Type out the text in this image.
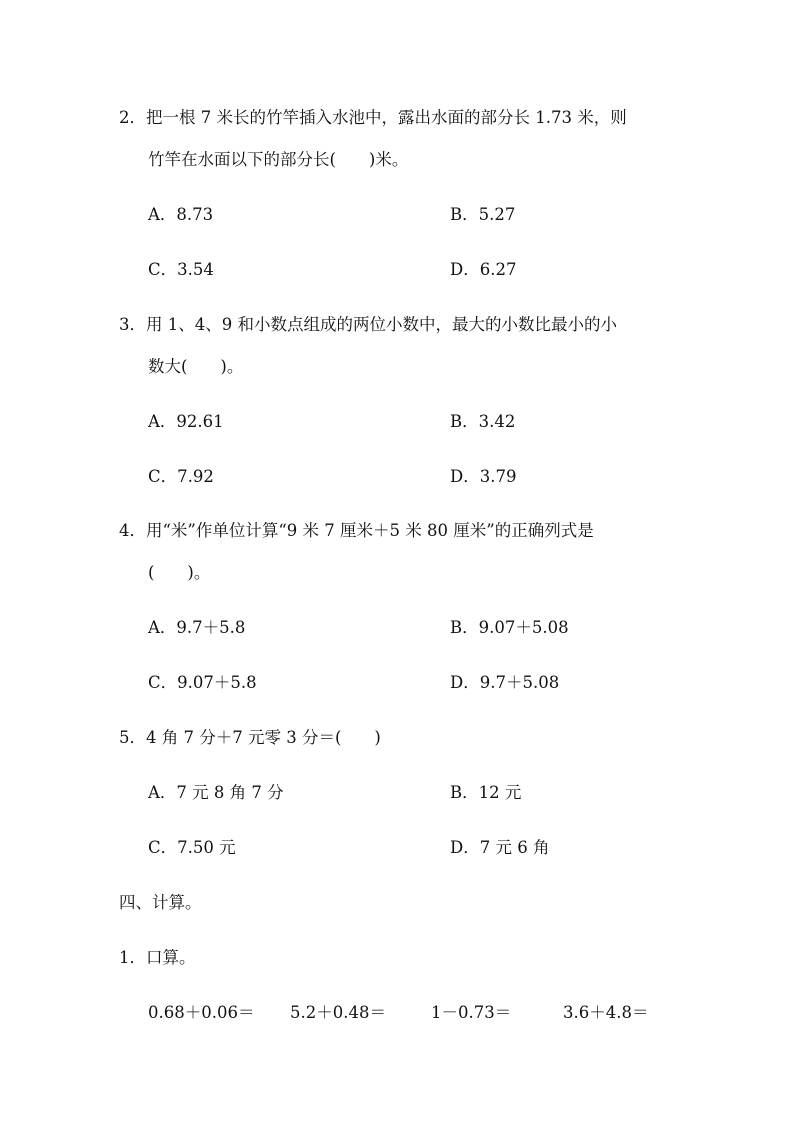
2．把一根 7 米长的竹竿插入水池中，露出水面的部分长 1.73 米，则
竹竿在水面以下的部分长(　　)米。
A．8.73	B．5.27
C．3.54	D．6.27
3．用 1、4、9 和小数点组成的两位小数中，最大的小数比最小的小
数大(　　)。
A．92.61	B．3.42
C．7.92	D．3.79
4．用“米”作单位计算“9 米 7 厘米＋5 米 80 厘米”的正确列式是
(　　)。
A．9.7＋5.8	B．9.07＋5.08
C．9.07＋5.8	D．9.7＋5.08
5．4 角 7 分＋7 元零 3 分＝(　　)
A．7 元 8 角 7 分	B．12 元
C．7.50 元	D．7 元 6 角
四、计算。
1．口算。
0.68＋0.06＝ 5.2＋0.48＝	1－0.73＝	3.6＋4.8＝
